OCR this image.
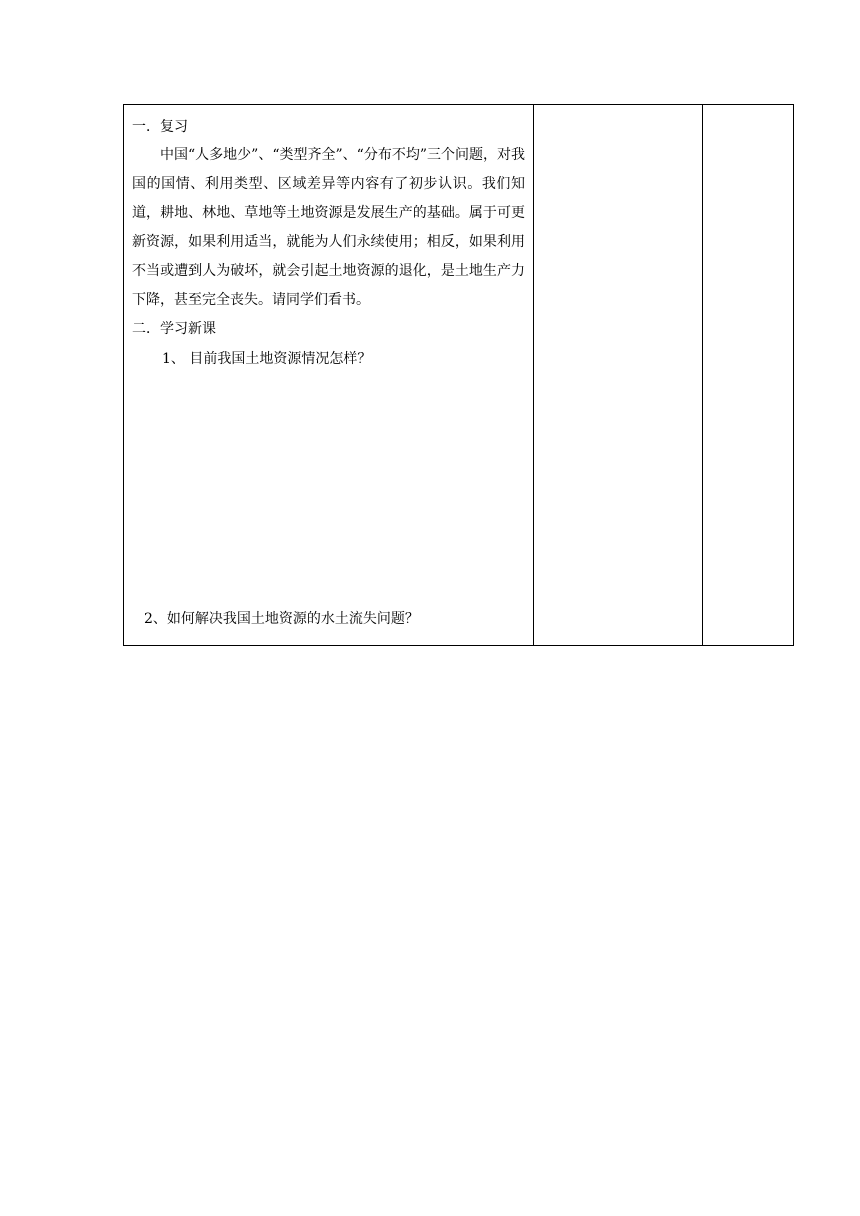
一．复习

中国“人多地少”、“类型齐全”、“分布不均”三个问题，对我国的国情、利用类型、区域差异等内容有了初步认识。我们知道，耕地、林地、草地等土地资源是发展生产的基础。属于可更新资源，如果利用适当，就能为人们永续使用；相反，如果利用不当或遭到人为破坏，就会引起土地资源的退化，是土地生产力下降，甚至完全丧失。请同学们看书。

二．学习新课

1、 目前我国土地资源情况怎样？

2、如何解决我国土地资源的水土流失问题？
